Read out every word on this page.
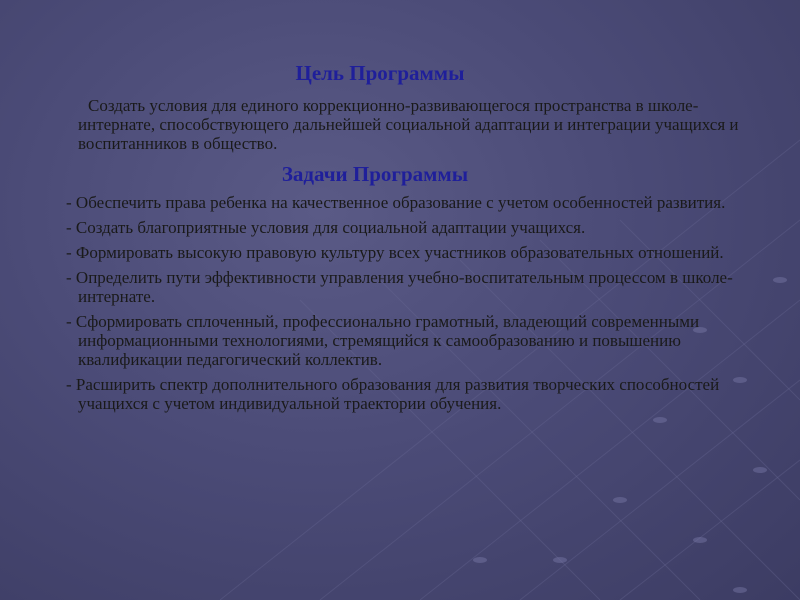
Цель Программы

Создать условия для единого коррекционно-развивающегося пространства в школе-интернате, способствующего дальнейшей социальной адаптации и интеграции учащихся и воспитанников в общество.

Задачи Программы
- Обеспечить права ребенка на качественное образование с учетом особенностей развития.
- Создать благоприятные условия для социальной адаптации учащихся.
- Формировать высокую правовую культуру всех участников образовательных отношений.
- Определить пути эффективности управления учебно-воспитательным процессом в школе-интернате.
- Сформировать сплоченный, профессионально грамотный, владеющий современными информационными технологиями, стремящийся к самообразованию и повышению квалификации педагогический коллектив.
- Расширить спектр дополнительного образования для развития творческих способностей учащихся с учетом индивидуальной траектории обучения.
